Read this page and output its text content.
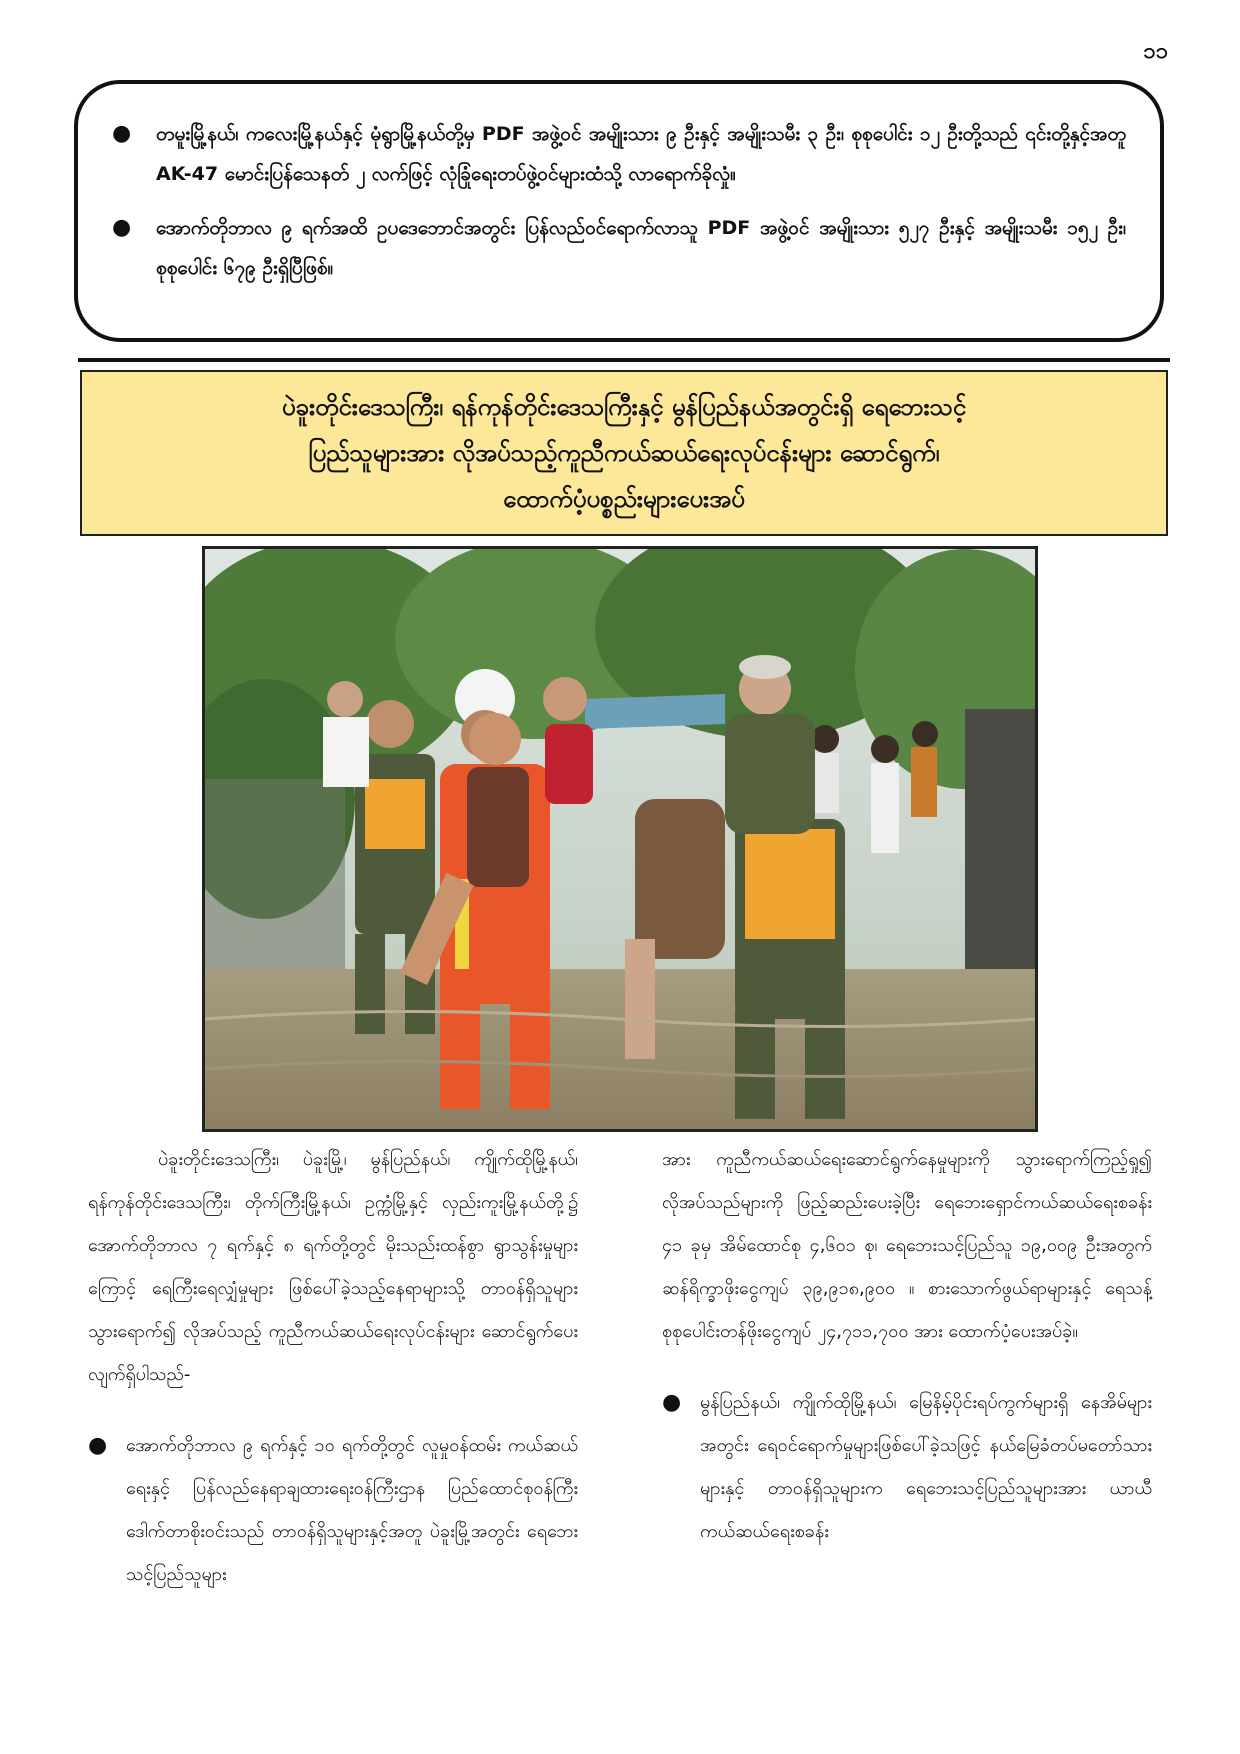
၁၁
●	တမူးမြို့နယ်၊ ကလေးမြို့နယ်နှင့် မုံရွာမြို့နယ်တို့မှ PDF အဖွဲ့ဝင် အမျိုးသား ၉ ဦးနှင့် အမျိုးသမီး ၃ ဦး၊ စုစုပေါင်း ၁၂ ဦးတို့သည် ၎င်းတို့နှင့်အတူ AK-47 မောင်းပြန်သေနတ် ၂ လက်ဖြင့် လုံခြုံရေးတပ်ဖွဲ့ဝင်များထံသို့ လာရောက်ခိုလှုံ။
●	အောက်တိုဘာလ ၉ ရက်အထိ ဥပဒေဘောင်အတွင်း ပြန်လည်ဝင်ရောက်လာသူ PDF အဖွဲ့ဝင် အမျိုးသား ၅၂၇ ဦးနှင့် အမျိုးသမီး ၁၅၂ ဦး၊ စုစုပေါင်း ၆၇၉ ဦးရှိပြီဖြစ်။
ပဲခူးတိုင်းဒေသကြီး၊ ရန်ကုန်တိုင်းဒေသကြီးနှင့် မွန်ပြည်နယ်အတွင်းရှိ ရေဘေးသင့်
ပြည်သူများအား လိုအပ်သည့်ကူညီကယ်ဆယ်ရေးလုပ်ငန်းများ ဆောင်ရွက်၊
ထောက်ပံ့ပစ္စည်းများပေးအပ်

ပဲခူးတိုင်းဒေသကြီး၊ ပဲခူးမြို့၊ မွန်ပြည်နယ်၊ ကျိုက်ထိုမြို့နယ်၊ ရန်ကုန်တိုင်းဒေသကြီး၊ တိုက်ကြီးမြို့နယ်၊ ဥက္ကံမြို့နှင့် လှည်းကူးမြို့နယ်တို့၌ အောက်တိုဘာလ ၇ ရက်နှင့် ၈ ရက်တို့တွင် မိုးသည်းထန်စွာ ရွာသွန်းမှုများကြောင့် ရေကြီးရေလျှံမှုများ ဖြစ်ပေါ်ခဲ့သည့်နေရာများသို့ တာဝန်ရှိသူများ သွားရောက်၍ လိုအပ်သည့် ကူညီကယ်ဆယ်ရေးလုပ်ငန်းများ ဆောင်ရွက်ပေးလျက်ရှိပါသည်-

●	အောက်တိုဘာလ ၉ ရက်နှင့် ၁၀ ရက်တို့တွင် လူမှုဝန်ထမ်း ကယ်ဆယ်ရေးနှင့် ပြန်လည်နေရာချထားရေးဝန်ကြီးဌာန ပြည်ထောင်စုဝန်ကြီး ဒေါက်တာစိုးဝင်းသည် တာဝန်ရှိသူများနှင့်အတူ ပဲခူးမြို့အတွင်း ရေဘေးသင့်ပြည်သူများ

အား ကူညီကယ်ဆယ်ရေးဆောင်ရွက်နေမှုများကို သွားရောက်ကြည့်ရှု၍ လိုအပ်သည်များကို ဖြည့်ဆည်းပေးခဲ့ပြီး ရေဘေးရှောင်ကယ်ဆယ်ရေးစခန်း ၄၁ ခုမှ အိမ်ထောင်စု ၄,၆၀၁ စု၊ ရေဘေးသင့်ပြည်သူ ၁၉,၀၀၉ ဦးအတွက် ဆန်ရိက္ခာဖိုးငွေကျပ် ၃၉,၉၁၈,၉၀၀ ။ စားသောက်ဖွယ်ရာများနှင့် ရေသန့်စုစုပေါင်းတန်ဖိုးငွေကျပ် ၂၄,၇၁၁,၇၀၀ အား ထောက်ပံ့ပေးအပ်ခဲ့။

●	မွန်ပြည်နယ်၊ ကျိုက်ထိုမြို့နယ်၊ မြေနိမ့်ပိုင်းရပ်ကွက်များရှိ နေအိမ်များအတွင်း ရေဝင်ရောက်မှုများဖြစ်ပေါ်ခဲ့သဖြင့် နယ်မြေခံတပ်မတော်သားများနှင့် တာဝန်ရှိသူများက ရေဘေးသင့်ပြည်သူများအား ယာယီကယ်ဆယ်ရေးစခန်း
